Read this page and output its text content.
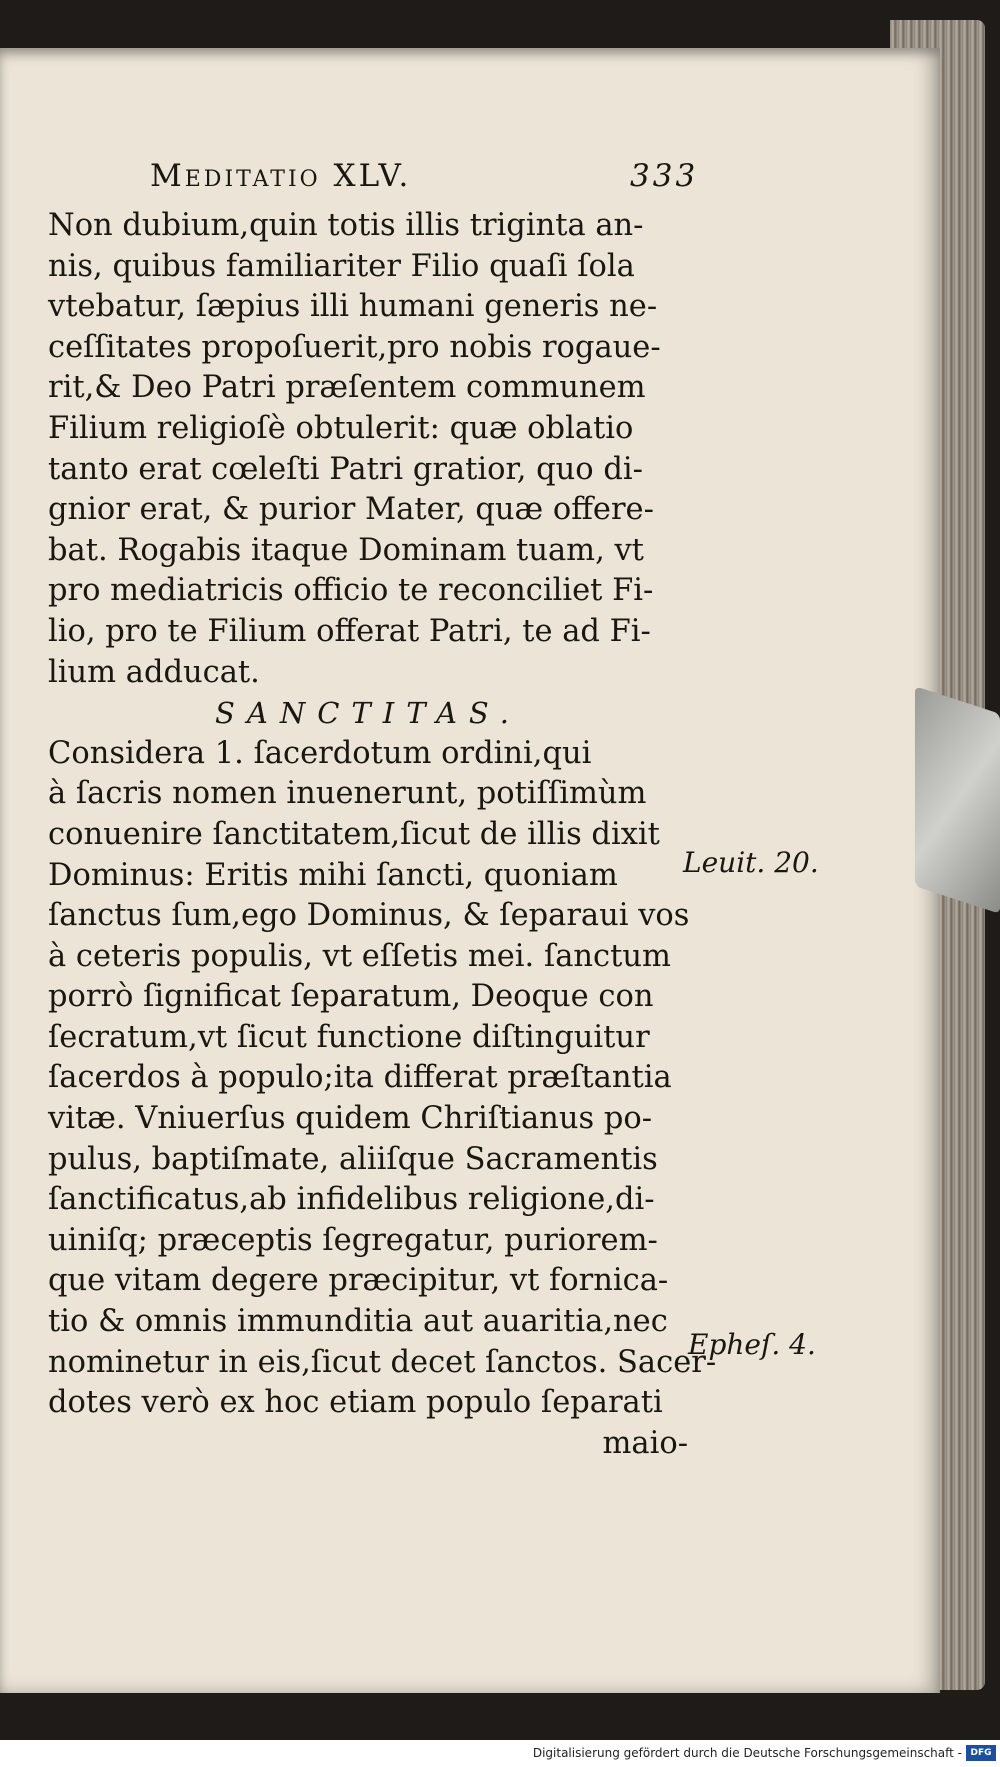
Meditatio XLV.	333
Non dubium,quin totis illis triginta an-
nis, quibus familiariter Filio quaſi ſola
vtebatur, ſæpius illi humani generis ne-
ceſſitates propoſuerit,pro nobis rogaue-
rit,& Deo Patri præſentem communem
Filium religioſè obtulerit: quæ oblatio
tanto erat cœleſti Patri gratior, quo di-
gnior erat, & purior Mater, quæ offere-
bat. Rogabis itaque Dominam tuam, vt
pro mediatricis officio te reconciliet Fi-
lio, pro te Filium offerat Patri, te ad Fi-
lium adducat.
SANCTITAS.
Considera 1. ſacerdotum ordini,qui
à ſacris nomen inuenerunt, potiſſimùm
conuenire ſanctitatem,ſicut de illis dixit
Dominus: Eritis mihi ſancti, quoniam
ſanctus ſum,ego Dominus, & ſeparaui vos
à ceteris populis, vt eſſetis mei. ſanctum
porrò ſignificat ſeparatum, Deoque con
ſecratum,vt ſicut functione diſtinguitur
ſacerdos à populo;ita differat præſtantia
vitæ. Vniuerſus quidem Chriſtianus po-
pulus, baptiſmate, aliiſque Sacramentis
ſanctificatus,ab infidelibus religione,di-
uiniſq; præceptis ſegregatur, puriorem-
que vitam degere præcipitur, vt fornica-
tio & omnis immunditia aut auaritia,nec
nominetur in eis,ſicut decet ſanctos. Sacer-
dotes verò ex hoc etiam populo ſeparati
maio-
Leuit. 20.
Epheſ. 4.
Digitalisierung gefördert durch die Deutsche Forschungsgemeinschaft - DFG
